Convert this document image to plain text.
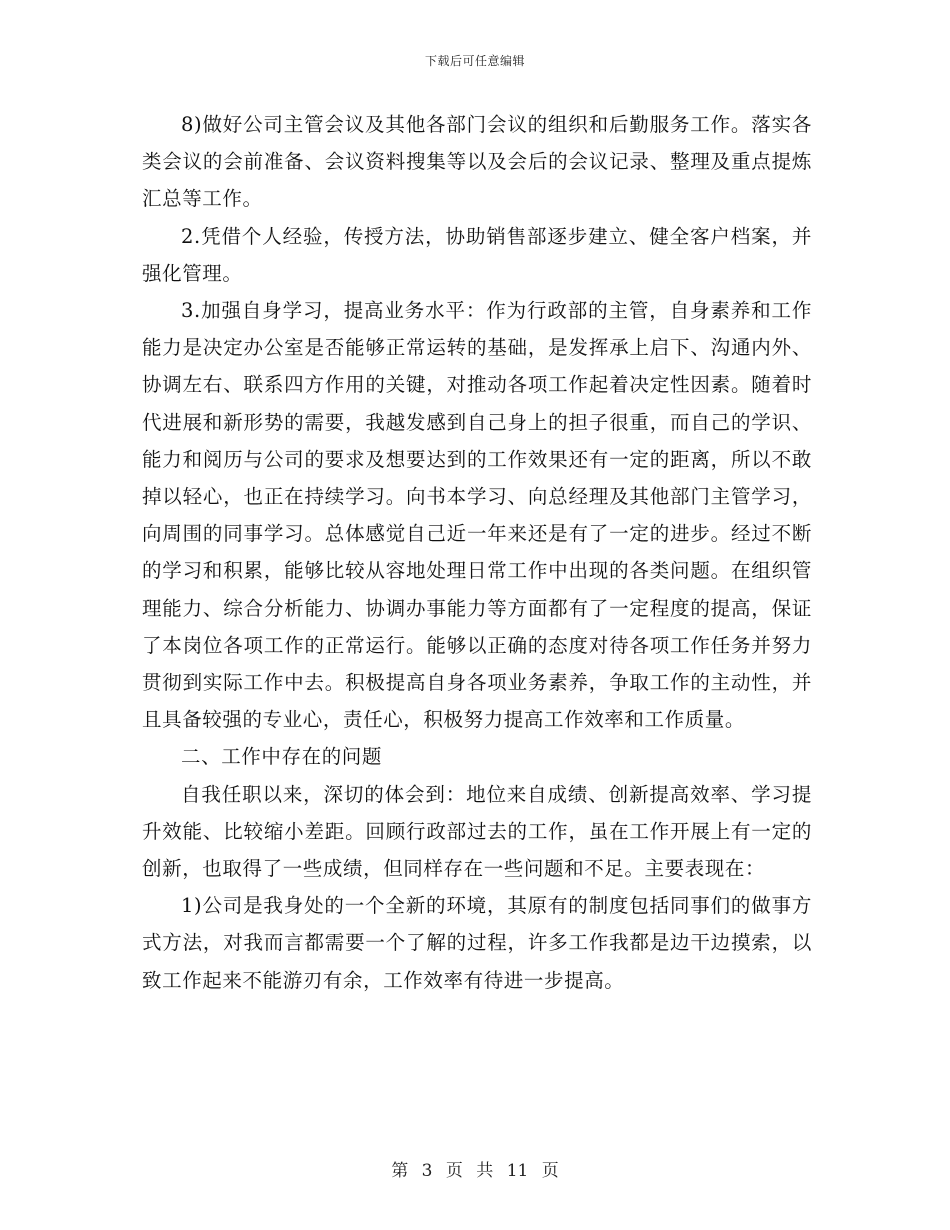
下载后可任意编辑

8)做好公司主管会议及其他各部门会议的组织和后勤服务工作。落实各类会议的会前准备、会议资料搜集等以及会后的会议记录、整理及重点提炼汇总等工作。

2.凭借个人经验，传授方法，协助销售部逐步建立、健全客户档案，并强化管理。

3.加强自身学习，提高业务水平：作为行政部的主管，自身素养和工作能力是决定办公室是否能够正常运转的基础，是发挥承上启下、沟通内外、协调左右、联系四方作用的关键，对推动各项工作起着决定性因素。随着时代进展和新形势的需要，我越发感到自己身上的担子很重，而自己的学识、能力和阅历与公司的要求及想要达到的工作效果还有一定的距离，所以不敢掉以轻心，也正在持续学习。向书本学习、向总经理及其他部门主管学习，向周围的同事学习。总体感觉自己近一年来还是有了一定的进步。经过不断的学习和积累，能够比较从容地处理日常工作中出现的各类问题。在组织管理能力、综合分析能力、协调办事能力等方面都有了一定程度的提高，保证了本岗位各项工作的正常运行。能够以正确的态度对待各项工作任务并努力贯彻到实际工作中去。积极提高自身各项业务素养，争取工作的主动性，并且具备较强的专业心，责任心，积极努力提高工作效率和工作质量。

二、工作中存在的问题

自我任职以来，深切的体会到：地位来自成绩、创新提高效率、学习提升效能、比较缩小差距。回顾行政部过去的工作，虽在工作开展上有一定的创新，也取得了一些成绩，但同样存在一些问题和不足。主要表现在：

1)公司是我身处的一个全新的环境，其原有的制度包括同事们的做事方式方法，对我而言都需要一个了解的过程，许多工作我都是边干边摸索，以致工作起来不能游刃有余，工作效率有待进一步提高。

第 3 页 共 11 页
